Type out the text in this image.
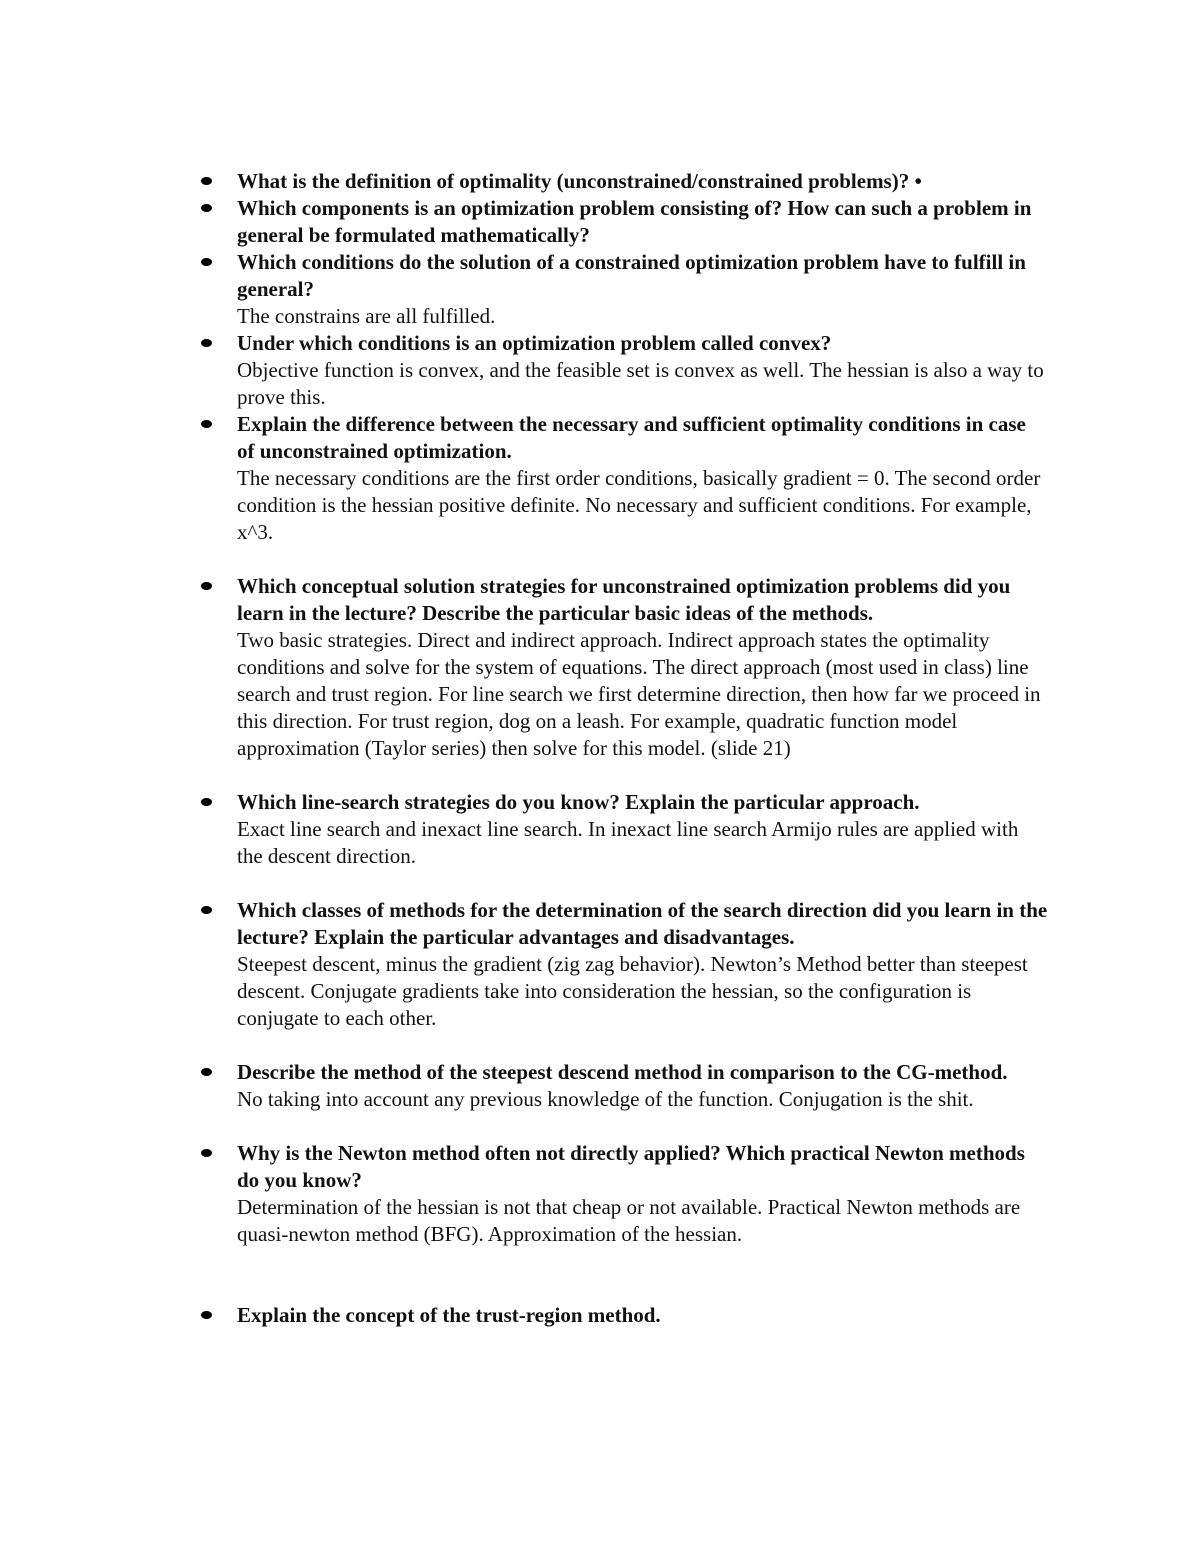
What is the definition of optimality (unconstrained/constrained problems)? •
Which components is an optimization problem consisting of? How can such a problem in general be formulated mathematically?
Which conditions do the solution of a constrained optimization problem have to fulfill in general?
The constrains are all fulfilled.
Under which conditions is an optimization problem called convex?
Objective function is convex, and the feasible set is convex as well. The hessian is also a way to prove this.
Explain the difference between the necessary and sufficient optimality conditions in case of unconstrained optimization.
The necessary conditions are the first order conditions, basically gradient = 0. The second order condition is the hessian positive definite. No necessary and sufficient conditions. For example, x^3.
Which conceptual solution strategies for unconstrained optimization problems did you learn in the lecture? Describe the particular basic ideas of the methods.
Two basic strategies. Direct and indirect approach. Indirect approach states the optimality conditions and solve for the system of equations. The direct approach (most used in class) line search and trust region. For line search we first determine direction, then how far we proceed in this direction. For trust region, dog on a leash. For example, quadratic function model approximation (Taylor series) then solve for this model. (slide 21)
Which line-search strategies do you know? Explain the particular approach.
Exact line search and inexact line search. In inexact line search Armijo rules are applied with the descent direction.
Which classes of methods for the determination of the search direction did you learn in the lecture? Explain the particular advantages and disadvantages.
Steepest descent, minus the gradient (zig zag behavior). Newton’s Method better than steepest descent. Conjugate gradients take into consideration the hessian, so the configuration is conjugate to each other.
Describe the method of the steepest descend method in comparison to the CG-method.
No taking into account any previous knowledge of the function. Conjugation is the shit.
Why is the Newton method often not directly applied? Which practical Newton methods do you know?
Determination of the hessian is not that cheap or not available. Practical Newton methods are quasi-newton method (BFG). Approximation of the hessian.
Explain the concept of the trust-region method.
